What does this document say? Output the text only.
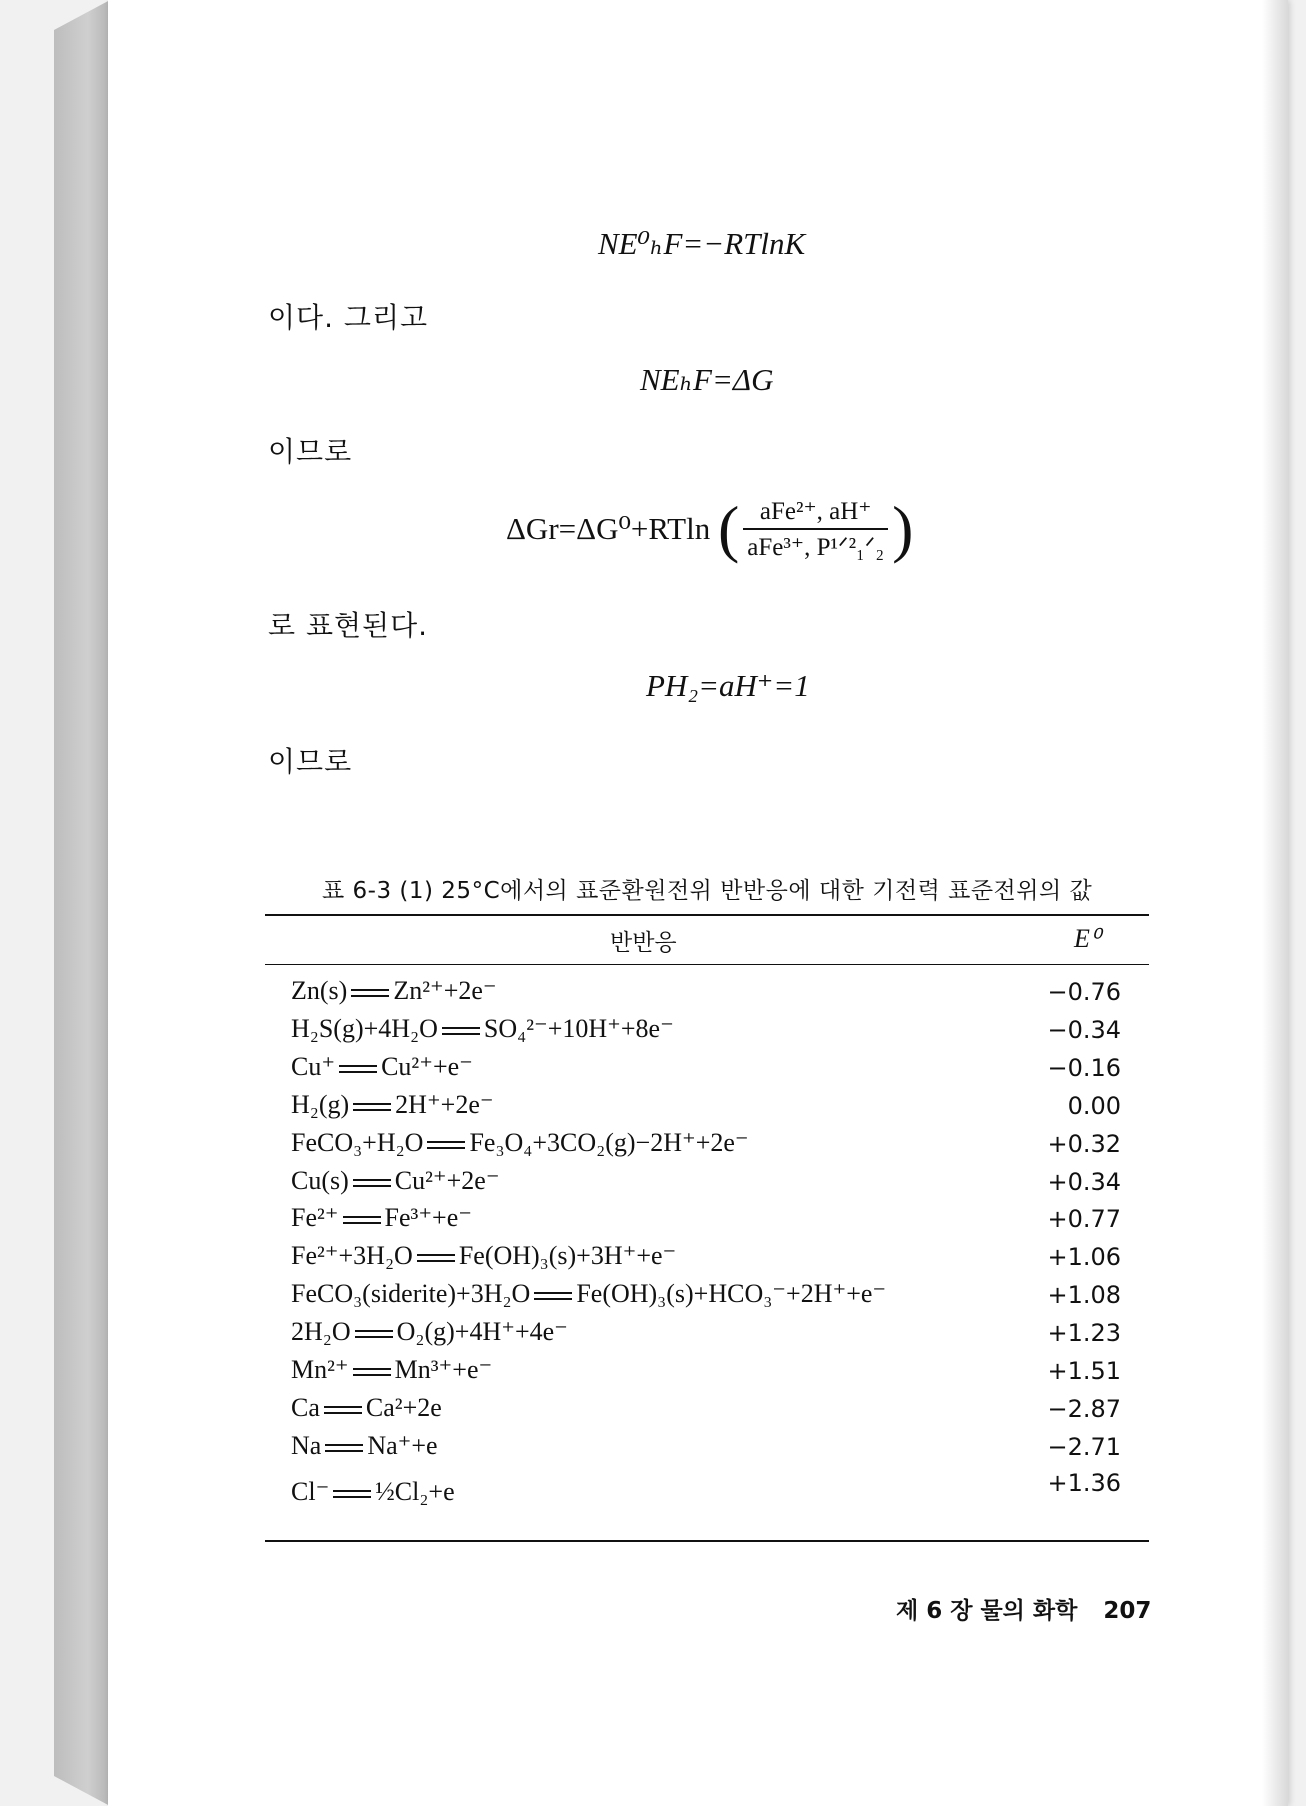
NE⁰ₕF=−RTlnK
이다. 그리고
NEₕF=ΔG
이므로
ΔGr=ΔG⁰+RTln ( $\frac{\text{aFe²⁺, aH⁺}}{\text{aFe³⁺, P¹ᐟ²₁ᐟ₂}}$ )
로 표현된다.
PH₂=aH⁺=1
이므로
표 6-3 (1) 25°C에서의 표준환원전위 반반응에 대한 기전력 표준전위의 값
반반응	E⁰
Zn(s) Zn²⁺+2e⁻	−0.76
H₂S(g)+4H₂O SO₄²⁻+10H⁺+8e⁻	−0.34
Cu⁺ Cu²⁺+e⁻	−0.16
H₂(g) 2H⁺+2e⁻	0.00
FeCO₃+H₂O Fe₃O₄+3CO₂(g)−2H⁺+2e⁻	+0.32
Cu(s) Cu²⁺+2e⁻	+0.34
Fe²⁺ Fe³⁺+e⁻	+0.77
Fe²⁺+3H₂O Fe(OH)₃(s)+3H⁺+e⁻	+1.06
FeCO₃(siderite)+3H₂O Fe(OH)₃(s)+HCO₃⁻+2H⁺+e⁻	+1.08
2H₂O O₂(g)+4H⁺+4e⁻	+1.23
Mn²⁺ Mn³⁺+e⁻	+1.51
Ca Ca²+2e	−2.87
Na Na⁺+e	−2.71
Cl⁻ ½Cl₂+e	+1.36
제 6 장 물의 화학 207
